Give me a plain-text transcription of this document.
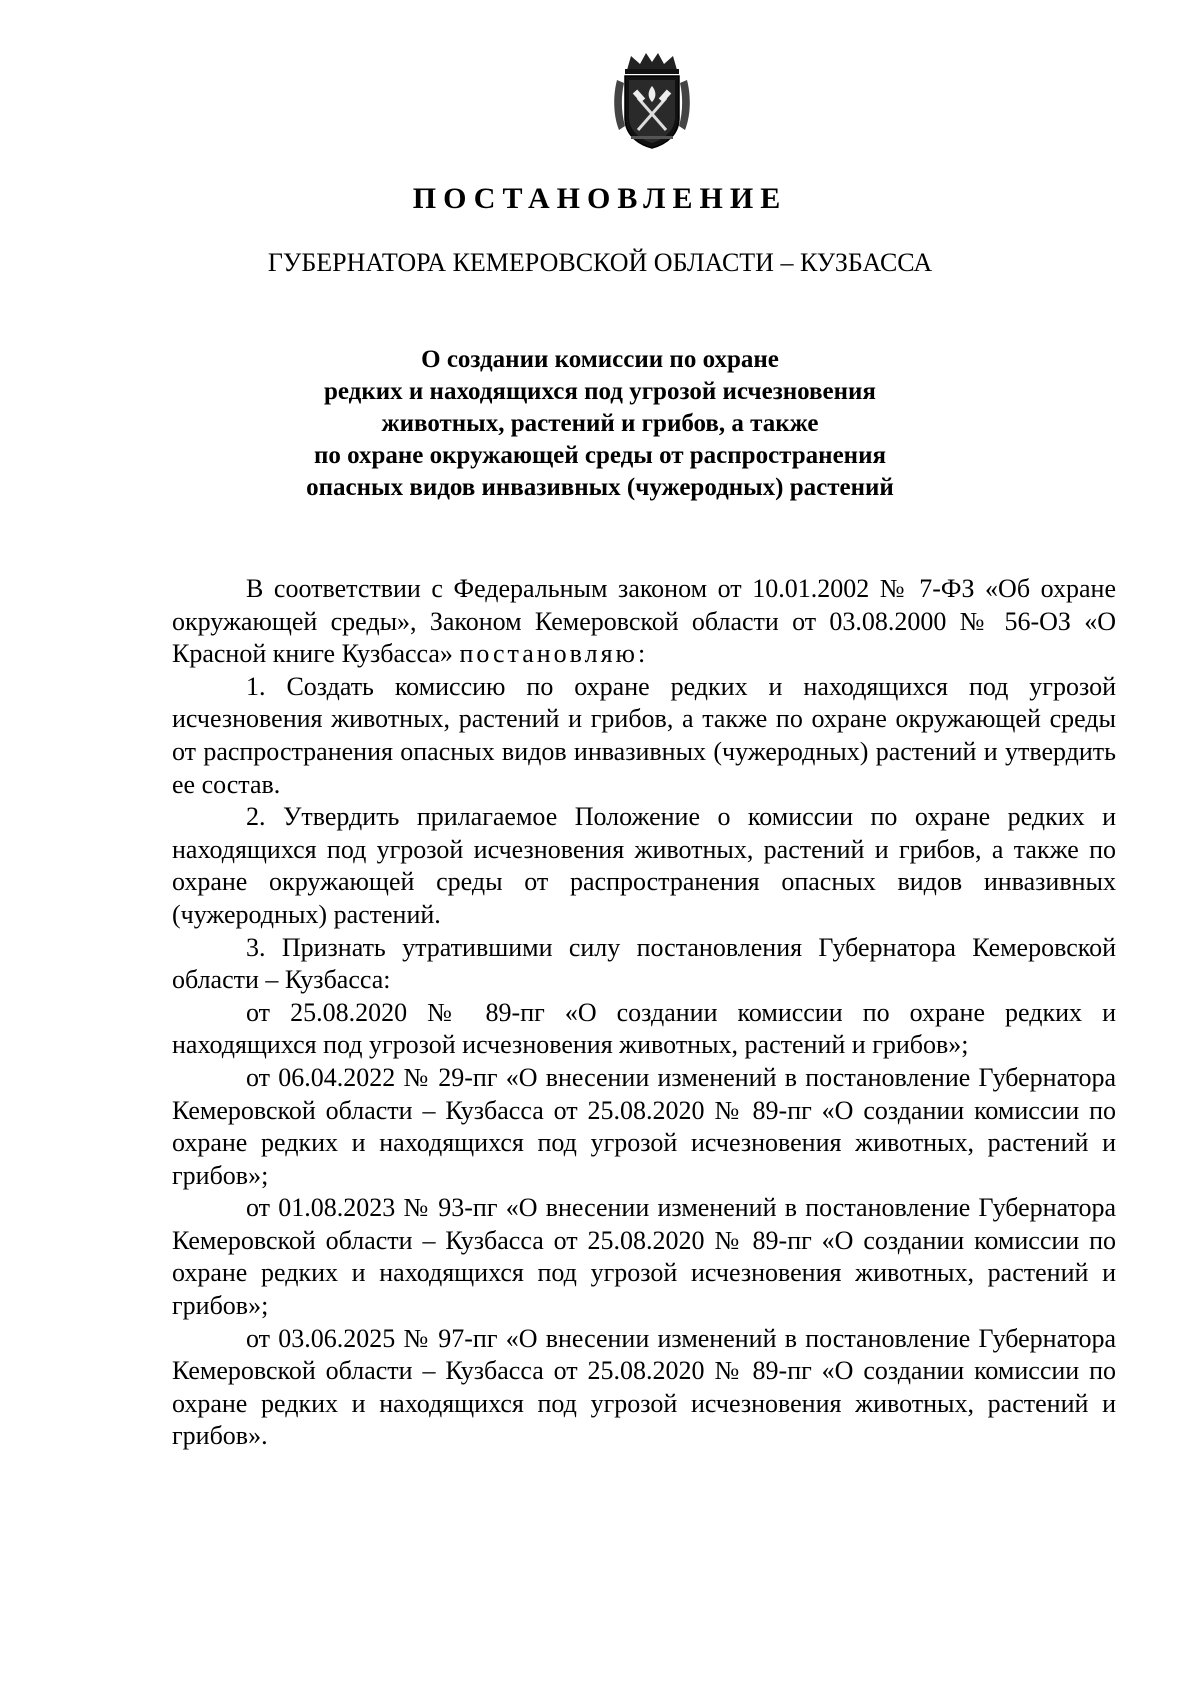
ПОСТАНОВЛЕНИЕ
ГУБЕРНАТОРА КЕМЕРОВСКОЙ ОБЛАСТИ – КУЗБАССА
О создании комиссии по охране
редких и находящихся под угрозой исчезновения
животных, растений и грибов, а также
по охране окружающей среды от распространения
опасных видов инвазивных (чужеродных) растений

В соответствии с Федеральным законом от 10.01.2002 № 7-ФЗ «Об охране окружающей среды», Законом Кемеровской области от 03.08.2000 № 56-ОЗ «О Красной книге Кузбасса» постановляю:

1. Создать комиссию по охране редких и находящихся под угрозой исчезновения животных, растений и грибов, а также по охране окружающей среды от распространения опасных видов инвазивных (чужеродных) растений и утвердить ее состав.

2. Утвердить прилагаемое Положение о комиссии по охране редких и находящихся под угрозой исчезновения животных, растений и грибов, а также по охране окружающей среды от распространения опасных видов инвазивных (чужеродных) растений.

3. Признать утратившими силу постановления Губернатора Кемеровской области – Кузбасса:

от 25.08.2020 № 89-пг «О создании комиссии по охране редких и находящихся под угрозой исчезновения животных, растений и грибов»;

от 06.04.2022 № 29-пг «О внесении изменений в постановление Губернатора Кемеровской области – Кузбасса от 25.08.2020 № 89-пг «О создании комиссии по охране редких и находящихся под угрозой исчезновения животных, растений и грибов»;

от 01.08.2023 № 93-пг «О внесении изменений в постановление Губернатора Кемеровской области – Кузбасса от 25.08.2020 № 89-пг «О создании комиссии по охране редких и находящихся под угрозой исчезновения животных, растений и грибов»;

от 03.06.2025 № 97-пг «О внесении изменений в постановление Губернатора Кемеровской области – Кузбасса от 25.08.2020 № 89-пг «О создании комиссии по охране редких и находящихся под угрозой исчезновения животных, растений и грибов».
